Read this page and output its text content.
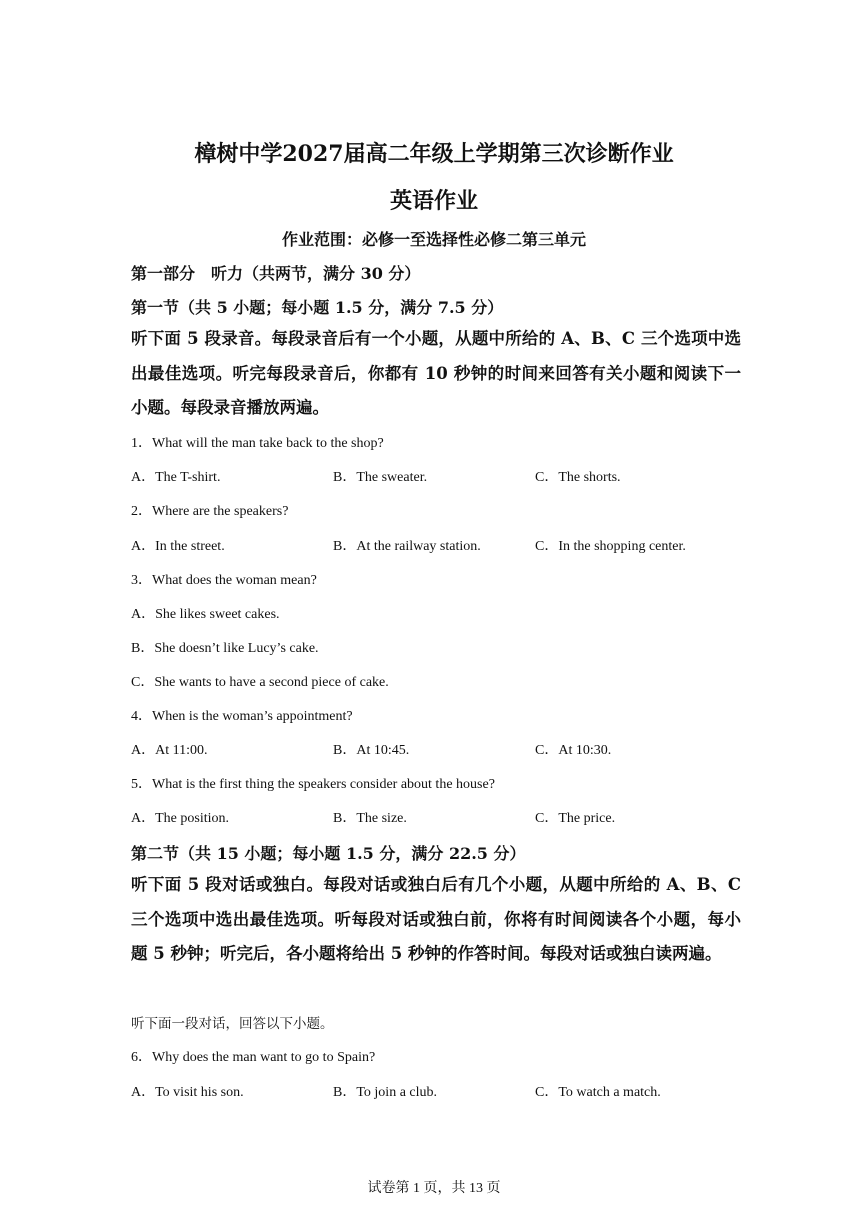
樟树中学2027届高二年级上学期第三次诊断作业
英语作业
作业范围：必修一至选择性必修二第三单元
第一部分　听力（共两节，满分 30 分）
第一节（共 5 小题；每小题 1.5 分，满分 7.5 分）
听下面 5 段录音。每段录音后有一个小题，从题中所给的 A、B、C 三个选项中选出最佳选项。听完每段录音后，你都有 10 秒钟的时间来回答有关小题和阅读下一小题。每段录音播放两遍。
1．What will the man take back to the shop?
A．The T-shirt.	B．The sweater.	C．The shorts.
2．Where are the speakers?
A．In the street.	B．At the railway station.	C．In the shopping center.
3．What does the woman mean?
A．She likes sweet cakes.
B．She doesn’t like Lucy’s cake.
C．She wants to have a second piece of cake.
4．When is the woman’s appointment?
A．At 11:00.	B．At 10:45.	C．At 10:30.
5．What is the first thing the speakers consider about the house?
A．The position.	B．The size.	C．The price.
第二节（共 15 小题；每小题 1.5 分，满分 22.5 分）
听下面 5 段对话或独白。每段对话或独白后有几个小题，从题中所给的 A、B、C 三个选项中选出最佳选项。听每段对话或独白前，你将有时间阅读各个小题，每小题 5 秒钟；听完后，各小题将给出 5 秒钟的作答时间。每段对话或独白读两遍。
听下面一段对话，回答以下小题。
6．Why does the man want to go to Spain?
A．To visit his son.	B．To join a club.	C．To watch a match.
试卷第 1 页，共 13 页
